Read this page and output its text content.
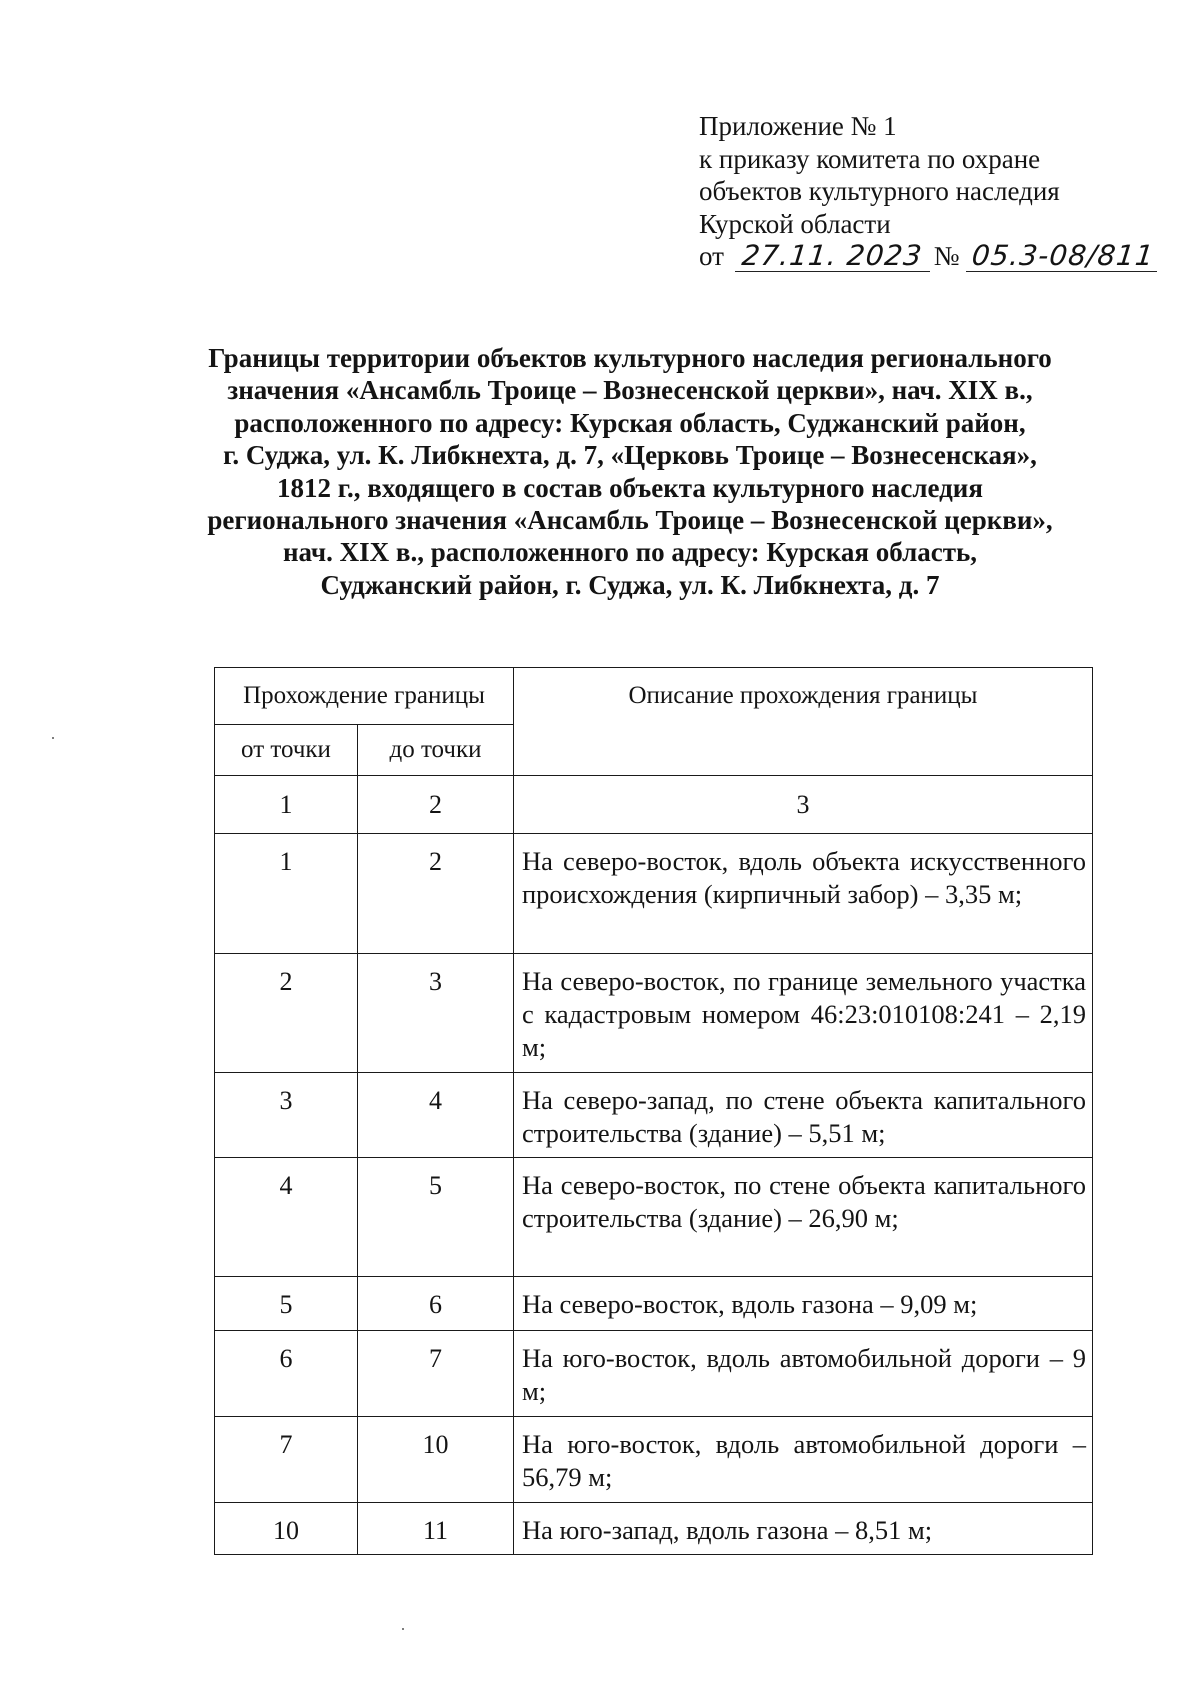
Приложение № 1
к приказу комитета по охране
объектов культурного наследия
Курской области
от 27.11. 2023 № 05.3-08/811
Границы территории объектов культурного наследия регионального
значения «Ансамбль Троице – Вознесенской церкви», нач. XIX в.,
расположенного по адресу: Курская область, Суджанский район,
г. Суджа, ул. К. Либкнехта, д. 7, «Церковь Троице – Вознесенская»,
1812 г., входящего в состав объекта культурного наследия
регионального значения «Ансамбль Троице – Вознесенской церкви»,
нач. XIX в., расположенного по адресу: Курская область,
Суджанский район, г. Суджа, ул. К. Либкнехта, д. 7
Прохождение границы		Описание прохождения границы
от точки	до точки	
1	2	3
1	2	На северо-восток, вдоль объекта искусственного происхождения (кирпичный забор) – 3,35 м;
2	3	На северо-восток, по границе земельного участка с кадастровым номером 46:23:010108:241 – 2,19 м;
3	4	На северо-запад, по стене объекта капитального строительства (здание) – 5,51 м;
4	5	На северо-восток, по стене объекта капитального строительства (здание) – 26,90 м;
5	6	На северо-восток, вдоль газона – 9,09 м;
6	7	На юго-восток, вдоль автомобильной дороги – 9 м;
7	10	На юго-восток, вдоль автомобильной дороги – 56,79 м;
10	11	На юго-запад, вдоль газона – 8,51 м;
